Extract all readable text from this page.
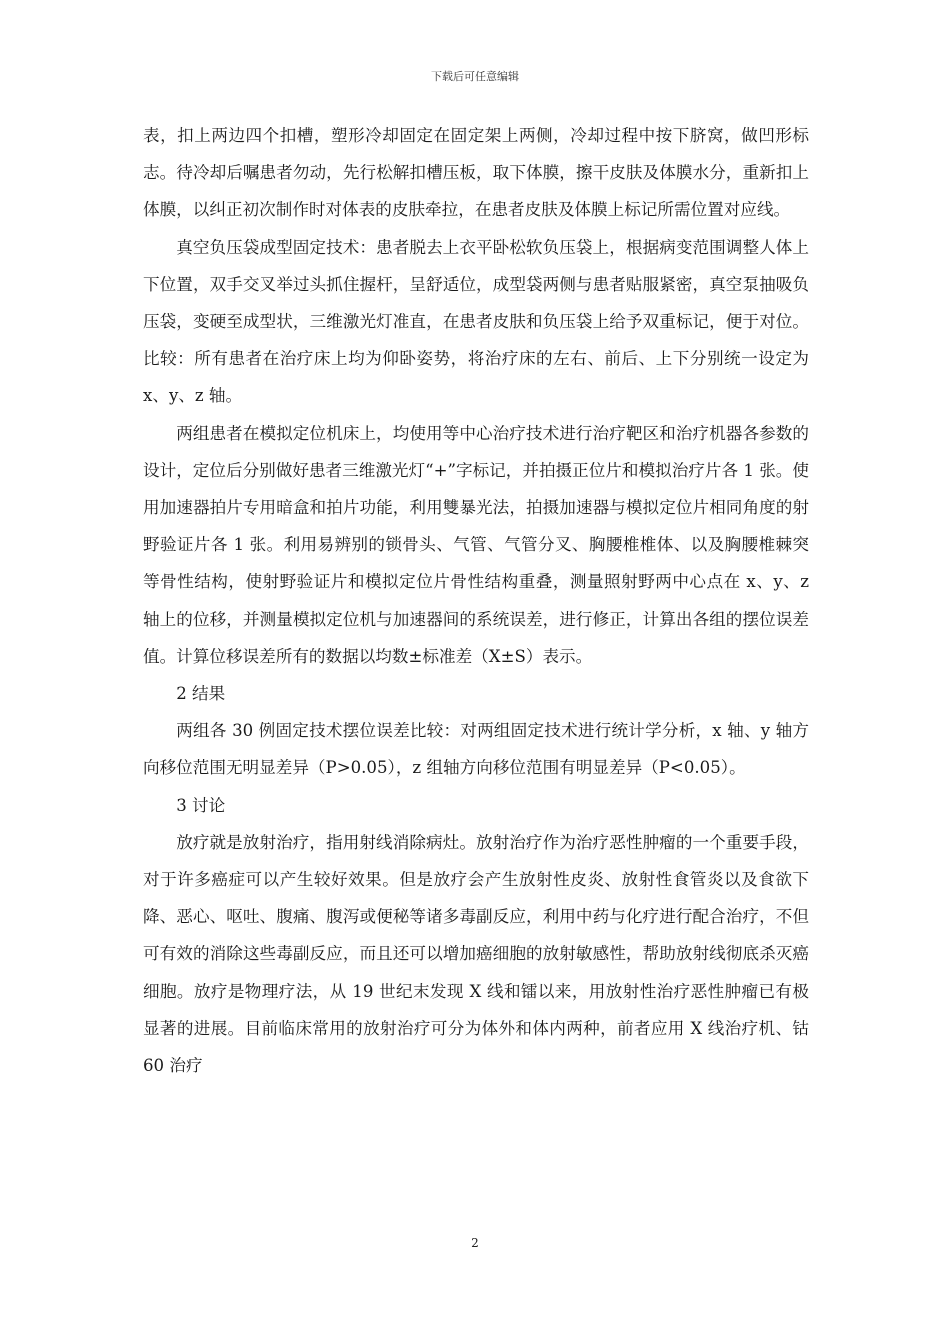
下载后可任意编辑

表，扣上两边四个扣槽，塑形冷却固定在固定架上两侧，冷却过程中按下脐窝，做凹形标志。待冷却后嘱患者勿动，先行松解扣槽压板，取下体膜，擦干皮肤及体膜水分，重新扣上体膜，以纠正初次制作时对体表的皮肤牵拉，在患者皮肤及体膜上标记所需位置对应线。

真空负压袋成型固定技术：患者脱去上衣平卧松软负压袋上，根据病变范围调整人体上下位置，双手交叉举过头抓住握杆，呈舒适位，成型袋两侧与患者贴服紧密，真空泵抽吸负压袋，变硬至成型状，三维激光灯准直，在患者皮肤和负压袋上给予双重标记，便于对位。比较：所有患者在治疗床上均为仰卧姿势，将治疗床的左右、前后、上下分别统一设定为 x、y、z 轴。

两组患者在模拟定位机床上，均使用等中心治疗技术进行治疗靶区和治疗机器各参数的设计，定位后分别做好患者三维激光灯“+”字标记，并拍摄正位片和模拟治疗片各 1 张。使用加速器拍片专用暗盒和拍片功能，利用雙暴光法，拍摄加速器与模拟定位片相同角度的射野验证片各 1 张。利用易辨别的锁骨头、气管、气管分叉、胸腰椎椎体、以及胸腰椎棘突等骨性结构，使射野验证片和模拟定位片骨性结构重叠，测量照射野两中心点在 x、y、z 轴上的位移，并测量模拟定位机与加速器间的系统误差，进行修正，计算出各组的摆位误差值。计算位移误差所有的数据以均数±标准差（X±S）表示。

2 结果

两组各 30 例固定技术摆位误差比较：对两组固定技术进行统计学分析，x 轴、y 轴方向移位范围无明显差异（P>0.05），z 组轴方向移位范围有明显差异（P<0.05）。

3 讨论

放疗就是放射治疗，指用射线消除病灶。放射治疗作为治疗恶性肿瘤的一个重要手段，对于许多癌症可以产生较好效果。但是放疗会产生放射性皮炎、放射性食管炎以及食欲下降、恶心、呕吐、腹痛、腹泻或便秘等诸多毒副反应，利用中药与化疗进行配合治疗，不但可有效的消除这些毒副反应，而且还可以增加癌细胞的放射敏感性，帮助放射线彻底杀灭癌细胞。放疗是物理疗法，从 19 世纪末发现 X 线和镭以来，用放射性治疗恶性肿瘤已有极显著的进展。目前临床常用的放射治疗可分为体外和体内两种，前者应用 X 线治疗机、钴 60 治疗

2
